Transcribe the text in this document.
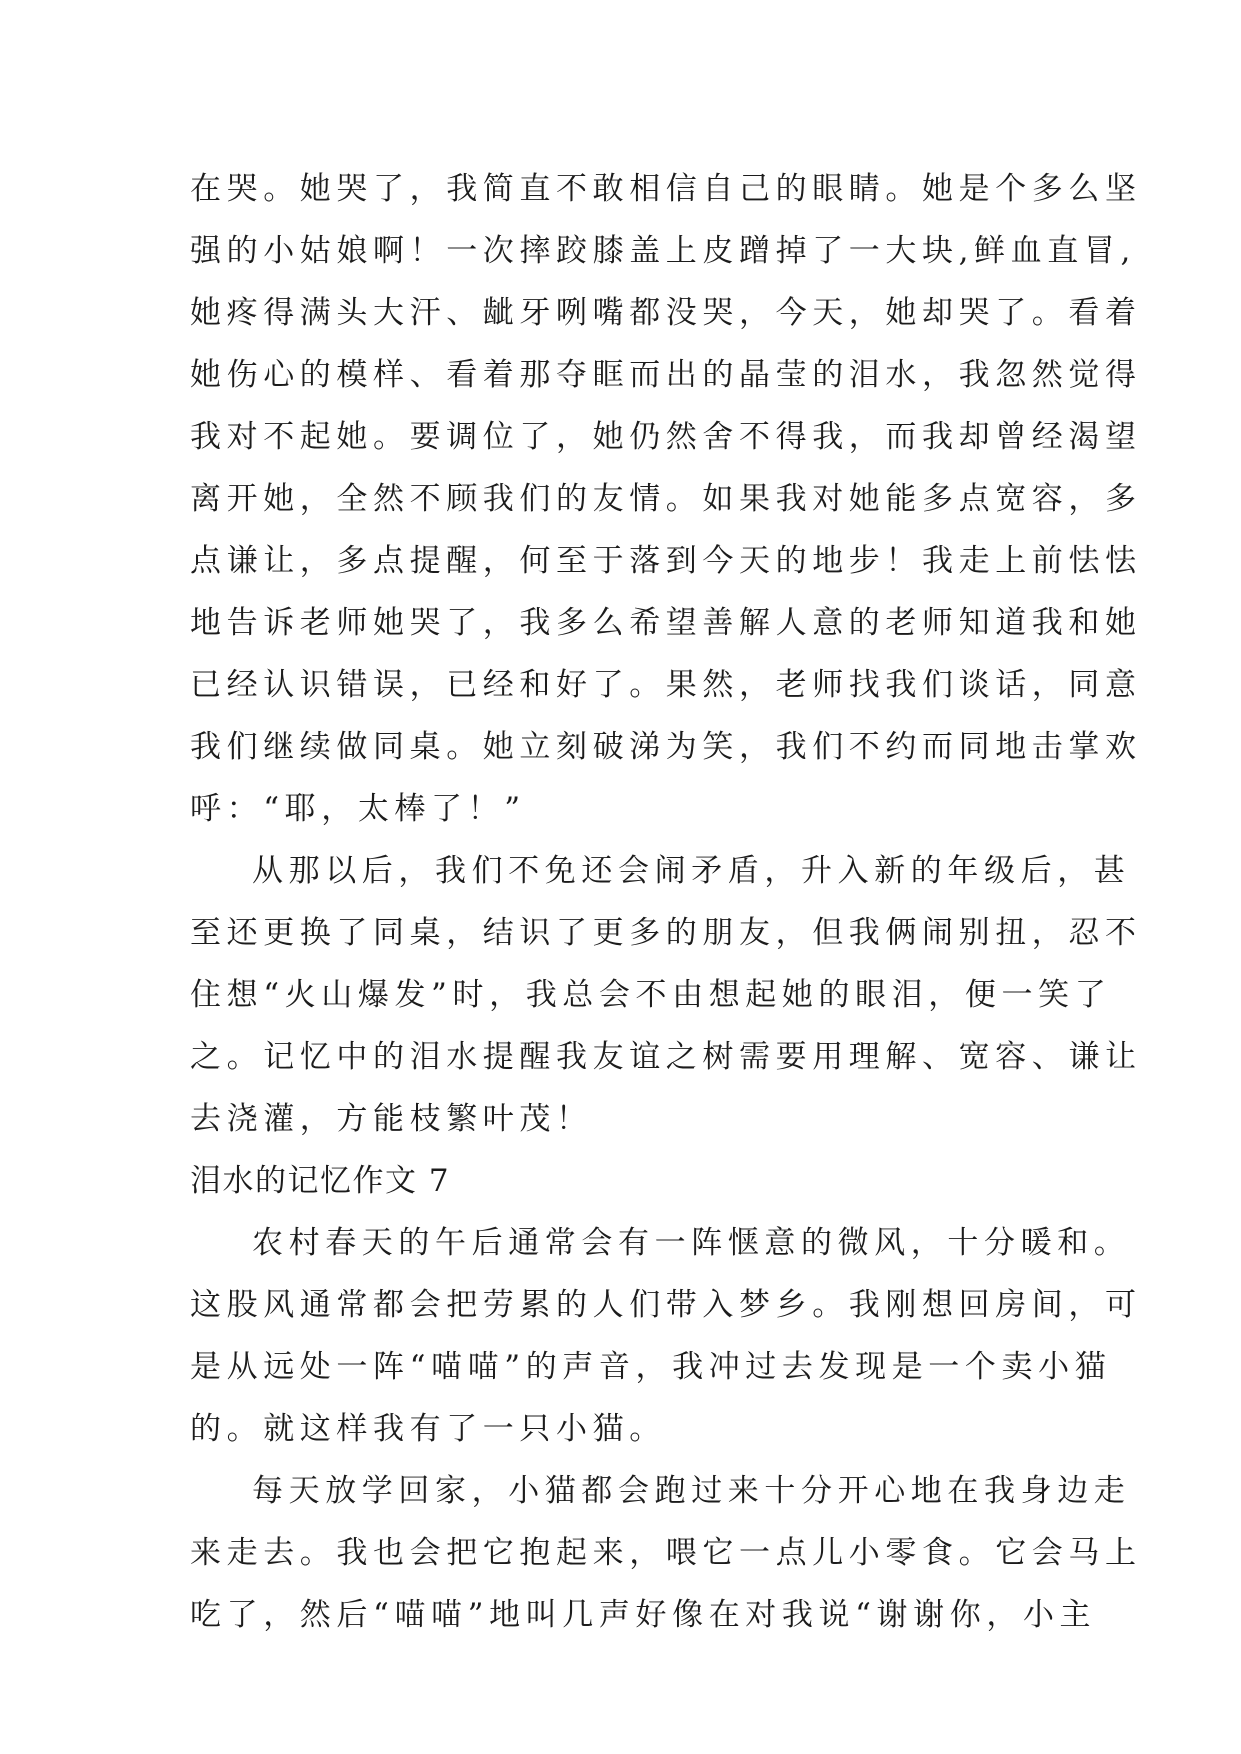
在哭。她哭了，我简直不敢相信自己的眼睛。她是个多么坚
强的小姑娘啊！一次摔跤膝盖上皮蹭掉了一大块,鲜血直冒,
她疼得满头大汗、龇牙咧嘴都没哭，今天，她却哭了。看着
她伤心的模样、看着那夺眶而出的晶莹的泪水，我忽然觉得
我对不起她。要调位了，她仍然舍不得我，而我却曾经渴望
离开她，全然不顾我们的友情。如果我对她能多点宽容，多
点谦让，多点提醒，何至于落到今天的地步！我走上前怯怯
地告诉老师她哭了，我多么希望善解人意的老师知道我和她
已经认识错误，已经和好了。果然，老师找我们谈话，同意
我们继续做同桌。她立刻破涕为笑，我们不约而同地击掌欢
呼：“耶，太棒了！”
从那以后，我们不免还会闹矛盾，升入新的年级后，甚
至还更换了同桌，结识了更多的朋友，但我俩闹别扭，忍不
住想“火山爆发”时，我总会不由想起她的眼泪，便一笑了
之。记忆中的泪水提醒我友谊之树需要用理解、宽容、谦让
去浇灌，方能枝繁叶茂！
泪水的记忆作文 7
农村春天的午后通常会有一阵惬意的微风，十分暖和。
这股风通常都会把劳累的人们带入梦乡。我刚想回房间，可
是从远处一阵“喵喵”的声音，我冲过去发现是一个卖小猫
的。就这样我有了一只小猫。
每天放学回家，小猫都会跑过来十分开心地在我身边走
来走去。我也会把它抱起来，喂它一点儿小零食。它会马上
吃了，然后“喵喵”地叫几声好像在对我说“谢谢你，小主
